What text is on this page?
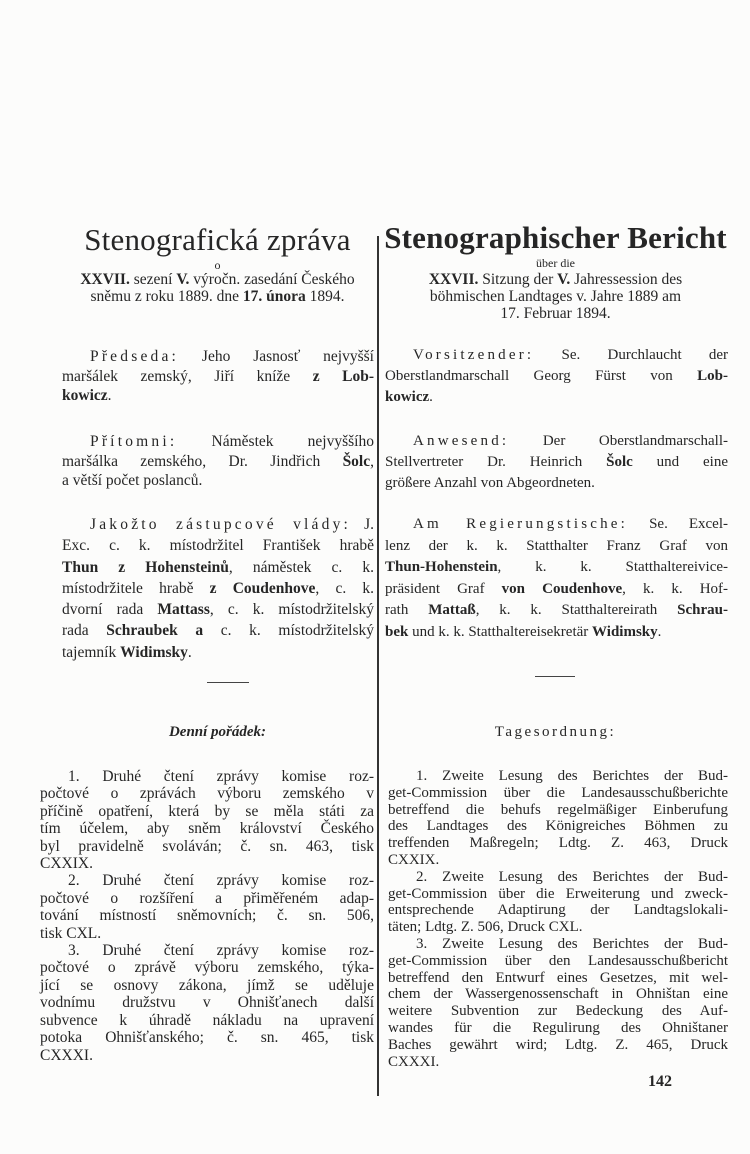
Stenografická zpráva
o
XXVII. sezení V. výročn. zasedání Českého
sněmu z roku 1889. dne 17. února 1894.
Předseda: Jeho Jasnosť nejvyšší
maršálek zemský, Jiří kníže z Lob-
kowicz.
Přítomni: Náměstek nejvyššího
maršálka zemského, Dr. Jindřich Šolc,
a větší počet poslanců.
Jakožto zástupcové vlády: J.
Exc. c. k. místodržitel František hrabě
Thun z Hohensteinů, náměstek c. k.
místodržitele hrabě z Coudenhove, c. k.
dvorní rada Mattass, c. k. místodržitelský
rada Schraubek a c. k. místodržitelský
tajemník Widimsky.
Denní pořádek:
1. Druhé čtení zprávy komise roz-
počtové o zprávách výboru zemského v
příčině opatření, která by se měla státi za
tím účelem, aby sněm království Českého
byl pravidelně svoláván; č. sn. 463, tisk
CXXIX.
2. Druhé čtení zprávy komise roz-
počtové o rozšíření a přiměřeném adap-
tování místností sněmovních; č. sn. 506,
tisk CXL.
3. Druhé čtení zprávy komise roz-
počtové o zprávě výboru zemského, týka-
jící se osnovy zákona, jímž se uděluje
vodnímu družstvu v Ohnišťanech další
subvence k úhradě nákladu na upravení
potoka Ohnišťanského; č. sn. 465, tisk
CXXXI.
Stenographischer Bericht
über die
XXVII. Sitzung der V. Jahressession des
böhmischen Landtages v. Jahre 1889 am
17. Februar 1894.
Vorsitzender: Se. Durchlaucht der
Oberstlandmarschall Georg Fürst von Lob-
kowicz.
Anwesend: Der Oberstlandmarschall-
Stellvertreter Dr. Heinrich Šolc und eine
größere Anzahl von Abgeordneten.
Am Regierungstische: Se. Excel-
lenz der k. k. Statthalter Franz Graf von
Thun-Hohenstein, k. k. Statthaltereivice-
präsident Graf von Coudenhove, k. k. Hof-
rath Mattaß, k. k. Statthaltereirath Schrau-
bek und k. k. Statthaltereisekretär Widimsky.
Tagesordnung:
1. Zweite Lesung des Berichtes der Bud-
get-Commission über die Landesausschußberichte
betreffend die behufs regelmäßiger Einberufung
des Landtages des Königreiches Böhmen zu
treffenden Maßregeln; Ldtg. Z. 463, Druck
CXXIX.
2. Zweite Lesung des Berichtes der Bud-
get-Commission über die Erweiterung und zweck-
entsprechende Adaptirung der Landtagslokali-
täten; Ldtg. Z. 506, Druck CXL.
3. Zweite Lesung des Berichtes der Bud-
get-Commission über den Landesausschußbericht
betreffend den Entwurf eines Gesetzes, mit wel-
chem der Wassergenossenschaft in Ohništan eine
weitere Subvention zur Bedeckung des Auf-
wandes für die Regulirung des Ohništaner
Baches gewährt wird; Ldtg. Z. 465, Druck
CXXXI.
142
